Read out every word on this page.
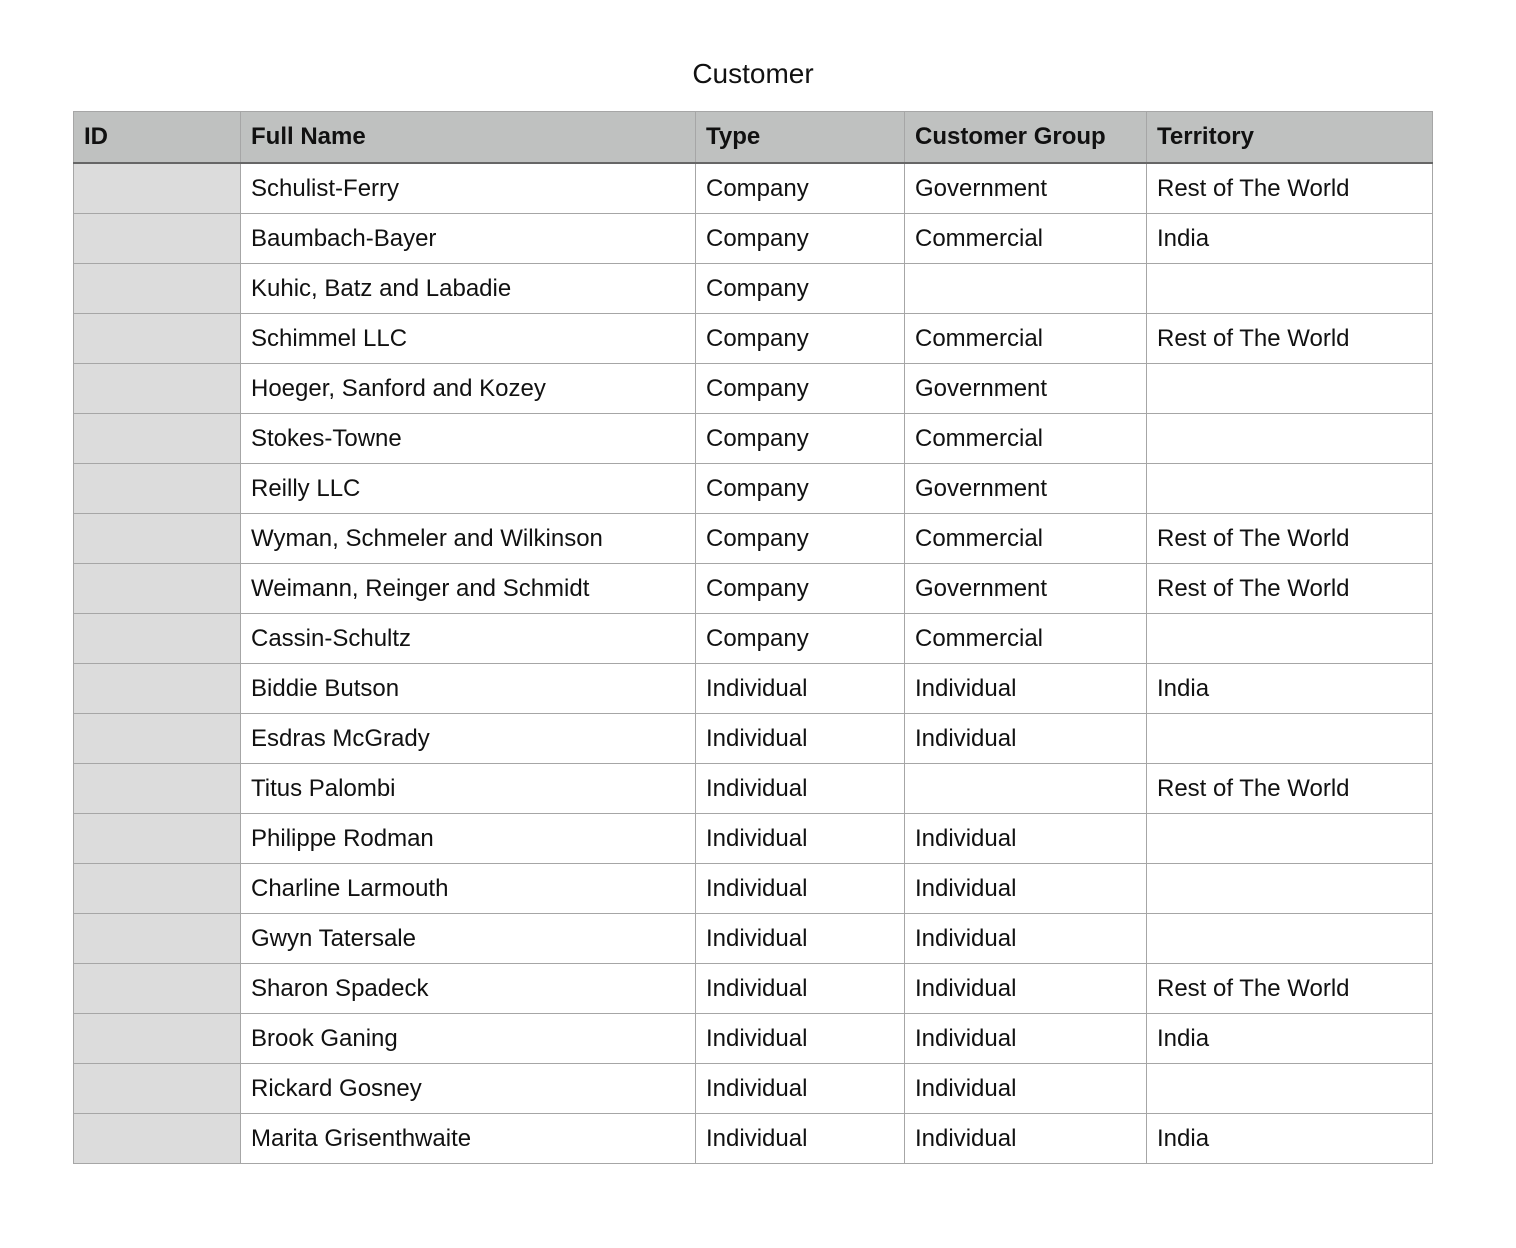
Customer
ID	Full Name	Type	Customer Group	Territory
	Schulist-Ferry	Company	Government	Rest of The World
	Baumbach-Bayer	Company	Commercial	India
	Kuhic, Batz and Labadie	Company		
	Schimmel LLC	Company	Commercial	Rest of The World
	Hoeger, Sanford and Kozey	Company	Government	
	Stokes-Towne	Company	Commercial	
	Reilly LLC	Company	Government	
	Wyman, Schmeler and Wilkinson	Company	Commercial	Rest of The World
	Weimann, Reinger and Schmidt	Company	Government	Rest of The World
	Cassin-Schultz	Company	Commercial	
	Biddie Butson	Individual	Individual	India
	Esdras McGrady	Individual	Individual	
	Titus Palombi	Individual		Rest of The World
	Philippe Rodman	Individual	Individual	
	Charline Larmouth	Individual	Individual	
	Gwyn Tatersale	Individual	Individual	
	Sharon Spadeck	Individual	Individual	Rest of The World
	Brook Ganing	Individual	Individual	India
	Rickard Gosney	Individual	Individual	
	Marita Grisenthwaite	Individual	Individual	India
